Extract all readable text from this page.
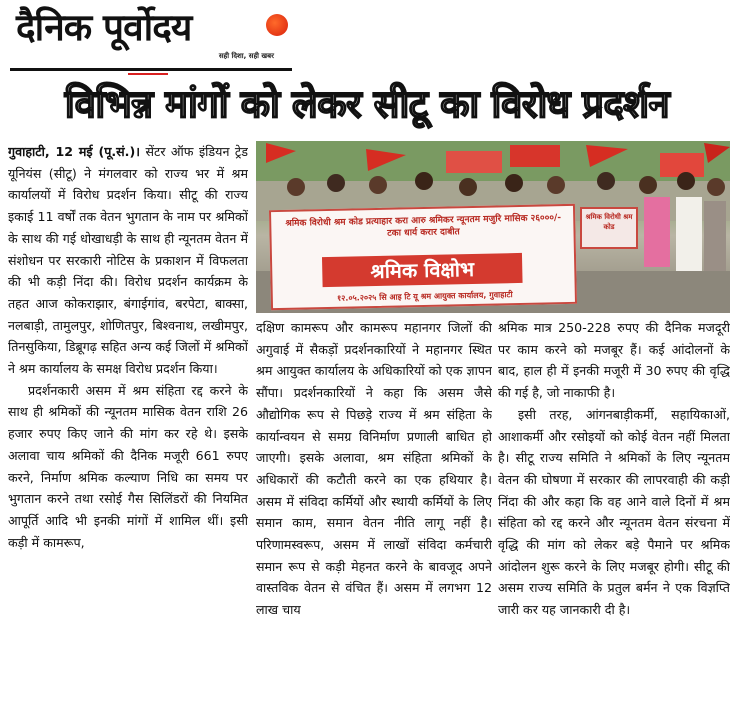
दैनिक पूर्वोदय
सही दिशा, सही खबर
विभिन्न मांगों को लेकर सीटू का विरोध प्रदर्शन

गुवाहाटी, 12 मई (पू.सं.)। सेंटर ऑफ इंडियन ट्रेड यूनियंस (सीटू) ने मंगलवार को राज्य भर में श्रम कार्यालयों में विरोध प्रदर्शन किया। सीटू की राज्य इकाई 11 वर्षों तक वेतन भुगतान के नाम पर श्रमिकों के साथ की गई धोखाधड़ी के साथ ही न्यूनतम वेतन में संशोधन पर सरकारी नोटिस के प्रकाशन में विफलता की भी कड़ी निंदा की। विरोध प्रदर्शन कार्यक्रम के तहत आज कोकराझार, बंगाईगांव, बरपेटा, बाक्सा, नलबाड़ी, तामुलपुर, शोणितपुर, बिश्वनाथ, लखीमपुर, तिनसुकिया, डिब्रूगढ़ सहित अन्य कई जिलों में श्रमिकों ने श्रम कार्यालय के समक्ष विरोध प्रदर्शन किया।

प्रदर्शनकारी असम में श्रम संहिता रद्द करने के साथ ही श्रमिकों की न्यूनतम मासिक वेतन राशि 26 हजार रुपए किए जाने की मांग कर रहे थे। इसके अलावा चाय श्रमिकों की दैनिक मजूरी 661 रुपए करने, निर्माण श्रमिक कल्याण निधि का समय पर भुगतान करने तथा रसोई गैस सिलिंडरों की नियमित आपूर्ति आदि भी इनकी मांगों में शामिल थीं। इसी कड़ी में कामरूप,

श्रमिक विरोधी श्रम कोड प्रत्याहार करा आरु श्रमिकर न्यूनतम मजुरि मासिक २६०००/- टका धार्य करार दाबीत
श्रमिक विक्षोभ
१२.०५.२०२५ सि आइ टि यू श्रम आयुक्त कार्यालय, गुवाहाटी
श्रमिक विरोधी श्रम कोड

दक्षिण कामरूप और कामरूप महानगर जिलों की अगुवाई में सैकड़ों प्रदर्शनकारियों ने महानगर स्थित श्रम आयुक्त कार्यालय के अधिकारियों को एक ज्ञापन सौंपा। प्रदर्शनकारियों ने कहा कि असम जैसे औद्योगिक रूप से पिछड़े राज्य में श्रम संहिता के कार्यान्वयन से समग्र विनिर्माण प्रणाली बाधित हो जाएगी। इसके अलावा, श्रम संहिता श्रमिकों के अधिकारों की कटौती करने का एक हथियार है। असम में संविदा कर्मियों और स्थायी कर्मियों के लिए समान काम, समान वेतन नीति लागू नहीं है। परिणामस्वरूप, असम में लाखों संविदा कर्मचारी समान रूप से कड़ी मेहनत करने के बावजूद अपने वास्तविक वेतन से वंचित हैं। असम में लगभग 12 लाख चाय

श्रमिक मात्र 250-228 रुपए की दैनिक मजदूरी पर काम करने को मजबूर हैं। कई आंदोलनों के बाद, हाल ही में इनकी मजूरी में 30 रुपए की वृद्धि की गई है, जो नाकाफी है।

इसी तरह, आंगनबाड़ीकर्मी, सहायिकाओं, आशाकर्मी और रसोइयों को कोई वेतन नहीं मिलता है। सीटू राज्य समिति ने श्रमिकों के लिए न्यूनतम वेतन की घोषणा में सरकार की लापरवाही की कड़ी निंदा की और कहा कि वह आने वाले दिनों में श्रम संहिता को रद्द करने और न्यूनतम वेतन संरचना में वृद्धि की मांग को लेकर बड़े पैमाने पर श्रमिक आंदोलन शुरू करने के लिए मजबूर होगी। सीटू की असम राज्य समिति के प्रतुल बर्मन ने एक विज्ञप्ति जारी कर यह जानकारी दी है।
